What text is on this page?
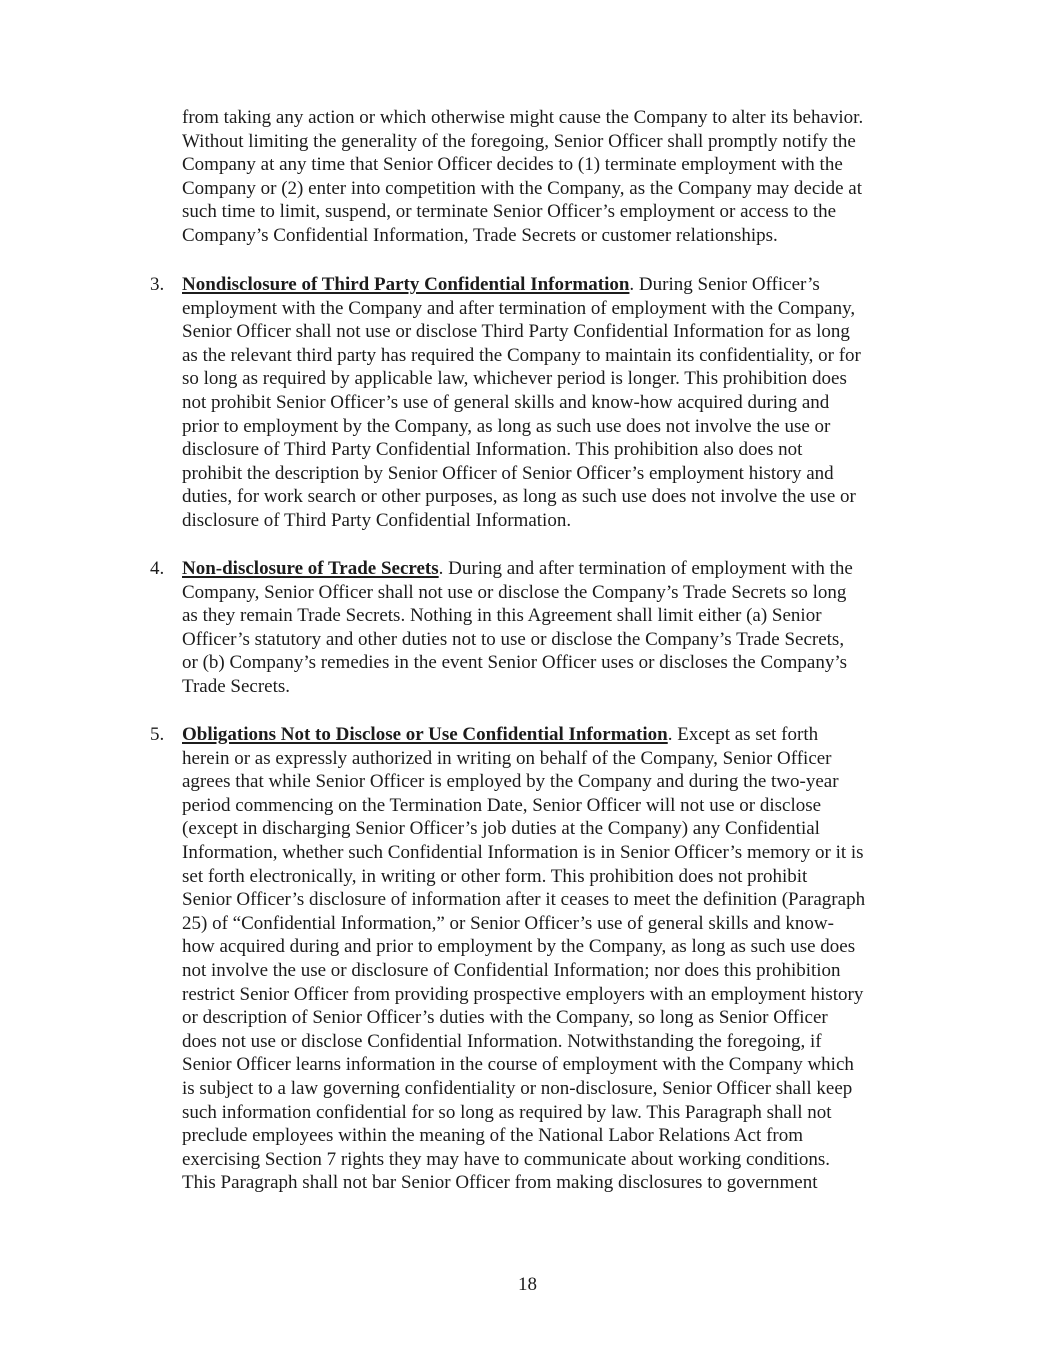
from taking any action or which otherwise might cause the Company to alter its behavior.
Without limiting the generality of the foregoing, Senior Officer shall promptly notify the
Company at any time that Senior Officer decides to (1) terminate employment with the
Company or (2) enter into competition with the Company, as the Company may decide at
such time to limit, suspend, or terminate Senior Officer’s employment or access to the
Company’s Confidential Information, Trade Secrets or customer relationships.
3. Nondisclosure of Third Party Confidential Information. During Senior Officer’s
employment with the Company and after termination of employment with the Company,
Senior Officer shall not use or disclose Third Party Confidential Information for as long
as the relevant third party has required the Company to maintain its confidentiality, or for
so long as required by applicable law, whichever period is longer. This prohibition does
not prohibit Senior Officer’s use of general skills and know-how acquired during and
prior to employment by the Company, as long as such use does not involve the use or
disclosure of Third Party Confidential Information. This prohibition also does not
prohibit the description by Senior Officer of Senior Officer’s employment history and
duties, for work search or other purposes, as long as such use does not involve the use or
disclosure of Third Party Confidential Information.
4. Non-disclosure of Trade Secrets. During and after termination of employment with the
Company, Senior Officer shall not use or disclose the Company’s Trade Secrets so long
as they remain Trade Secrets. Nothing in this Agreement shall limit either (a) Senior
Officer’s statutory and other duties not to use or disclose the Company’s Trade Secrets,
or (b) Company’s remedies in the event Senior Officer uses or discloses the Company’s
Trade Secrets.
5. Obligations Not to Disclose or Use Confidential Information. Except as set forth
herein or as expressly authorized in writing on behalf of the Company, Senior Officer
agrees that while Senior Officer is employed by the Company and during the two-year
period commencing on the Termination Date, Senior Officer will not use or disclose
(except in discharging Senior Officer’s job duties at the Company) any Confidential
Information, whether such Confidential Information is in Senior Officer’s memory or it is
set forth electronically, in writing or other form. This prohibition does not prohibit
Senior Officer’s disclosure of information after it ceases to meet the definition (Paragraph
25) of “Confidential Information,” or Senior Officer’s use of general skills and know-
how acquired during and prior to employment by the Company, as long as such use does
not involve the use or disclosure of Confidential Information; nor does this prohibition
restrict Senior Officer from providing prospective employers with an employment history
or description of Senior Officer’s duties with the Company, so long as Senior Officer
does not use or disclose Confidential Information. Notwithstanding the foregoing, if
Senior Officer learns information in the course of employment with the Company which
is subject to a law governing confidentiality or non-disclosure, Senior Officer shall keep
such information confidential for so long as required by law. This Paragraph shall not
preclude employees within the meaning of the National Labor Relations Act from
exercising Section 7 rights they may have to communicate about working conditions.
This Paragraph shall not bar Senior Officer from making disclosures to government
18
